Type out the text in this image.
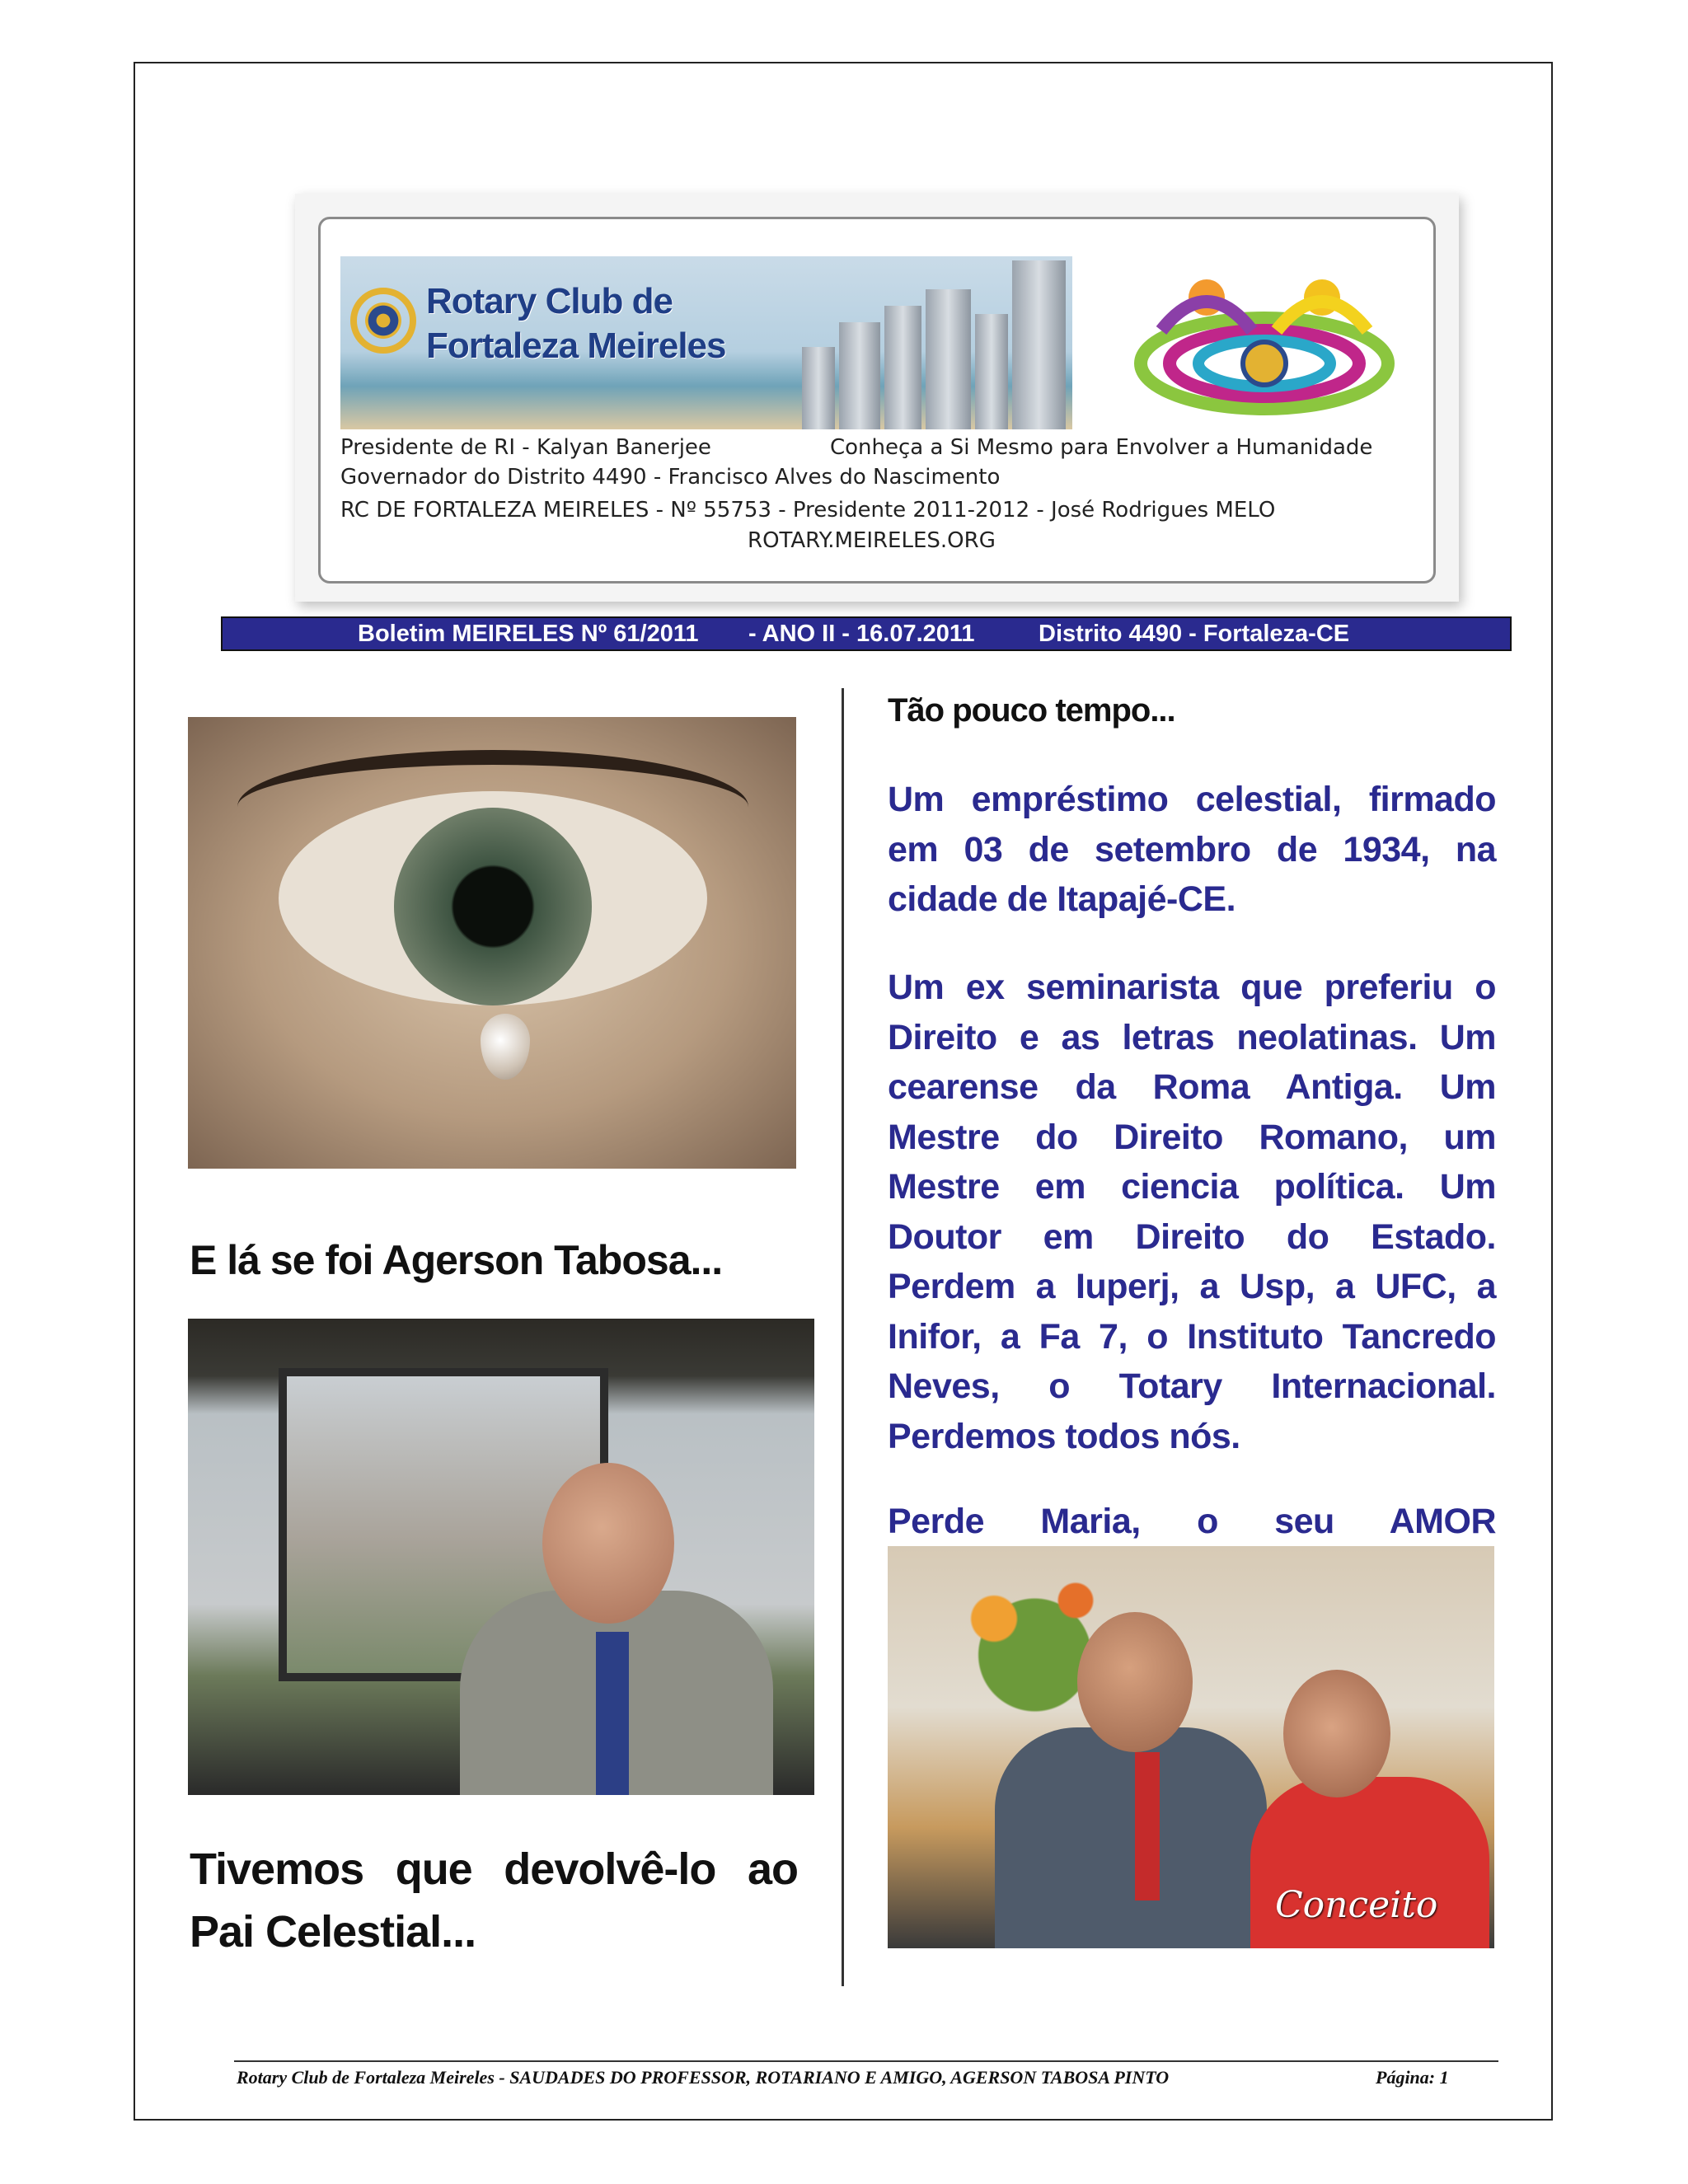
Rotary Club de
Fortaleza Meireles
Presidente de RI - Kalyan Banerjee	Conheça a Si Mesmo para Envolver a Humanidade
Governador do Distrito 4490 - Francisco Alves do Nascimento
RC DE FORTALEZA MEIRELES - Nº 55753 - Presidente 2011-2012 - José Rodrigues MELO
ROTARY.MEIRELES.ORG
Boletim MEIRELES Nº 61/2011 - ANO II - 16.07.2011	Distrito 4490 - Fortaleza-CE
E lá se foi Agerson Tabosa...
Tivemos que devolvê-lo ao Pai Celestial...
Tão pouco tempo...
Um empréstimo celestial, firmado em 03 de setembro de 1934, na cidade de Itapajé-CE.
Um ex seminarista que preferiu o Direito e as letras neolatinas. Um cearense da Roma Antiga. Um Mestre do Direito Romano, um Mestre em ciencia política. Um Doutor em Direito do Estado. Perdem a Iuperj, a Usp, a UFC, a Inifor, a Fa 7, o Instituto Tancredo Neves, o Totary Internacional. Perdemos todos nós.
Perde Maria, o seu AMOR
Conceito
Rotary Club de Fortaleza Meireles - SAUDADES DO PROFESSOR, ROTARIANO E AMIGO, AGERSON TABOSA PINTO	Página: 1
